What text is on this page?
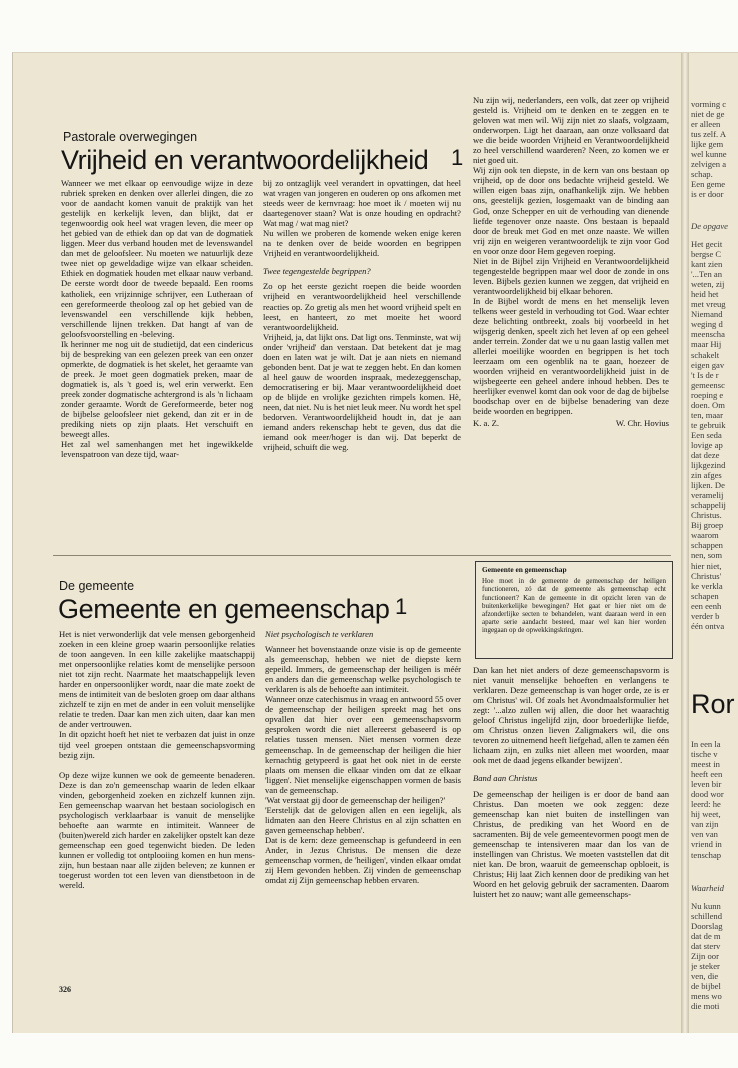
Pastorale overwegingen
Vrijheid en verantwoordelijkheid 1

Wanneer we met elkaar op eenvoudige wijze in deze rubriek spreken en denken over allerlei dingen, die zo voor de aandacht komen vanuit de praktijk van het gestelijk en kerkelijk leven, dan blijkt, dat er tegenwoordig ook heel wat vragen leven, die meer op het gebied van de ethiek dan op dat van de dogmatiek liggen. Meer dus verband houden met de levenswandel dan met de geloofsleer. Nu moeten we natuurlijk deze twee niet op geweldadige wijze van elkaar scheiden. Ethiek en dogmatiek houden met elkaar nauw verband. De eerste wordt door de tweede bepaald. Een rooms katholiek, een vrijzinnige schrijver, een Lutheraan of een gereformeerde theoloog zal op het gebied van de levenswandel een verschillende kijk hebben, verschillende lijnen trekken. Dat hangt af van de geloofsvoorstelling en -beleving.
Ik herinner me nog uit de studietijd, dat een cindericus bij de bespreking van een gelezen preek van een onzer opmerkte, de dogmatiek is het skelet, het geraamte van de preek. Je moet geen dogmatiek preken, maar de dogmatiek is, als 't goed is, wel erin verwerkt. Een preek zonder dogmatische achtergrond is als 'n lichaam zonder geraamte. Wordt de Gereformeerde, beter nog de bijbelse geloofsleer niet gekend, dan zit er in de prediking niets op zijn plaats. Het verschuift en beweegt alles.
Het zal wel samenhangen met het ingewikkelde levenspatroon van deze tijd, waar-

bij zo ontzaglijk veel verandert in opvattingen, dat heel wat vragen van jongeren en ouderen op ons afkomen met steeds weer de kernvraag: hoe moet ik / moeten wij nu daartegenover staan? Wat is onze houding en opdracht? Wat mag / wat mag niet?
Nu willen we proberen de komende weken enige keren na te denken over de beide woorden en begrippen Vrijheid en verantwoordelijkheid.

Twee tegengestelde begrippen?

Zo op het eerste gezicht roepen die beide woorden vrijheid en verantwoordelijkheid heel verschillende reacties op. Zo gretig als men het woord vrijheid spelt en leest, en hanteert, zo met moeite het woord verantwoordelijkheid.
Vrijheid, ja, dat lijkt ons. Dat ligt ons. Tenminste, wat wij onder 'vrijheid' dan verstaan. Dat betekent dat je mag doen en laten wat je wilt. Dat je aan niets en niemand gebonden bent. Dat je wat te zeggen hebt. En dan komen al heel gauw de woorden inspraak, medezeggenschap, democratisering er bij. Maar verantwoordelijkheid doet op de blijde en vrolijke gezichten rimpels komen. Hè, neen, dat niet. Nu is het niet leuk meer. Nu wordt het spel bedorven. Verantwoordelijkheid houdt in, dat je aan iemand anders rekenschap hebt te geven, dus dat die iemand ook meer/hoger is dan wij. Dat beperkt de vrijheid, schuift die weg.

Nu zijn wij, nederlanders, een volk, dat zeer op vrijheid gesteld is. Vrijheid om te denken en te zeggen en te geloven wat men wil. Wij zijn niet zo slaafs, volgzaam, onderworpen. Ligt het daaraan, aan onze volksaard dat we die beide woorden Vrijheid en Verantwoordelijkheid zo heel verschillend waarderen? Neen, zo komen we er niet goed uit.
Wij zijn ook ten diepste, in de kern van ons bestaan op vrijheid, op de door ons bedachte vrijheid gesteld. We willen eigen baas zijn, onafhankelijk zijn. We hebben ons, geestelijk gezien, losgemaakt van de binding aan God, onze Schepper en uit de verhouding van dienende liefde tegenover onze naaste. Ons bestaan is bepaald door de breuk met God en met onze naaste. We willen vrij zijn en weigeren verantwoordelijk te zijn voor God en voor onze door Hem gegeven roeping.
Niet in de Bijbel zijn Vrijheid en Verantwoordelijkheid tegengestelde begrippen maar wel door de zonde in ons leven. Bijbels gezien kunnen we zeggen, dat vrijheid en verantwoordelijkheid bij elkaar behoren.
In de Bijbel wordt de mens en het menselijk leven telkens weer gesteld in verhouding tot God. Waar echter deze belichting ontbreekt, zoals bij voorbeeld in het wijsgerig denken, speelt zich het leven af op een geheel ander terrein. Zonder dat we u nu gaan lastig vallen met allerlei moeilijke woorden en begrippen is het toch leerzaam om een ogenblik na te gaan, hoezeer de woorden vrijheid en verantwoordelijkheid juist in de wijsbegeerte een geheel andere inhoud hebben. Des te heerlijker evenwel komt dan ook voor de dag de bijbelse boodschap over en de bijbelse benadering van deze beide woorden en begrippen.

K. a. Z.	W. Chr. Hovius
Gemeente en gemeenschap
Hoe moet in de gemeente de gemeenschap der heiligen functioneren, zó dat de gemeente als gemeenschap echt functioneert? Kan de gemeente in dit opzicht leren van de buitenkerkelijke bewegingen? Het gaat er hier niet om de afzonderlijke secten te behandelen, want daaraan werd in een aparte serie aandacht besteed, maar wel kan hier worden ingegaan op de opwekkingskringen.
De gemeente
Gemeente en gemeenschap 1

Het is niet verwonderlijk dat vele mensen geborgenheid zoeken in een kleine groep waarin persoonlijke relaties de toon aangeven. In een kille zakelijke maatschappij met onpersoonlijke relaties komt de menselijke persoon niet tot zijn recht. Naarmate het maatschappelijk leven harder en onpersoonlijker wordt, naar die mate zoekt de mens de intimiteit van de besloten groep om daar althans zichzelf te zijn en met de ander in een voluit menselijke relatie te treden. Daar kan men zich uiten, daar kan men de ander vertrouwen.
In dit opzicht hoeft het niet te verbazen dat juist in onze tijd veel groepen ontstaan die gemeenschapsvorming bezig zijn.

Op deze wijze kunnen we ook de gemeente benaderen. Deze is dan zo'n gemeenschap waarin de leden elkaar vinden, geborgenheid zoeken en zichzelf kunnen zijn. Een gemeenschap waarvan het bestaan sociologisch en psychologisch verklaarbaar is vanuit de menselijke behoefte aan warmte en intimiteit. Wanneer de (buiten)wereld zich harder en zakelijker opstelt kan deze gemeenschap een goed tegenwicht bieden. De leden kunnen er volledig tot ontplooiing komen en hun mens-zijn, hun bestaan naar alle zijden beleven; ze kunnen er toegerust worden tot een leven van dienstbetoon in de wereld.

Niet psychologisch te verklaren

Wanneer het bovenstaande onze visie is op de gemeente als gemeenschap, hebben we niet de diepste kern gepeild. Immers, de gemeenschap der heiligen is méér en anders dan die gemeenschap welke psychologisch te verklaren is als de behoefte aan intimiteit.
Wanneer onze catechismus in vraag en antwoord 55 over de gemeenschap der heiligen spreekt mag het ons opvallen dat hier over een gemeenschapsvorm gesproken wordt die niet allereerst gebaseerd is op relaties tussen mensen. Niet mensen vormen deze gemeenschap. In de gemeenschap der heiligen die hier kernachtig getypeerd is gaat het ook niet in de eerste plaats om mensen die elkaar vinden om dat ze elkaar 'liggen'. Niet menselijke eigenschappen vormen de basis van de gemeenschap.
'Wat verstaat gij door de gemeenschap der heiligen?'
'Eerstelijk dat de gelovigen allen en een iegelijk, als lidmaten aan den Heere Christus en al zijn schatten en gaven gemeenschap hebben'.
Dat is de kern: deze gemeenschap is gefundeerd in een Ander, in Jezus Christus. De mensen die deze gemeenschap vormen, de 'heiligen', vinden elkaar omdat zij Hem gevonden hebben. Zij vinden de gemeenschap omdat zij Zijn gemeenschap hebben ervaren.

Dan kan het niet anders of deze gemeenschapsvorm is niet vanuit menselijke behoeften en verlangens te verklaren. Deze gemeenschap is van hoger orde, ze is er om Christus' wil. Of zoals het Avondmaalsformulier het zegt: '...alzo zullen wij allen, die door het waarachtig geloof Christus ingelijfd zijn, door broederlijke liefde, om Christus onzen lieven Zaligmakers wil, die ons tevoren zo uitnemend heeft liefgehad, allen te zamen één lichaam zijn, en zulks niet alleen met woorden, maar ook met de daad jegens elkander bewijzen'.

Band aan Christus

De gemeenschap der heiligen is er door de band aan Christus. Dan moeten we ook zeggen: deze gemeenschap kan niet buiten de instellingen van Christus, de prediking van het Woord en de sacramenten. Bij de vele gemeentevormen poogt men de gemeenschap te intensiveren maar dan los van de instellingen van Christus. We moeten vaststellen dat dit niet kan. De bron, waaruit de gemeenschap opbloeit, is Christus; Hij laat Zich kennen door de prediking van het Woord en het gelovig gebruik der sacramenten. Daarom luistert het zo nauw; want alle gemeenschaps-

326
vorming c
niet de ge
er alleen
tus zelf. A
lijke gem
wel kunne
zelvigen a
schap.
Een geme
is er door
De opgave
Het gecit
bergse C
kant zien
'...Ten an
weten, zij
heid het
met vreug
Niemand
weging d
meenscha
maar Hij
schakelt
eigen gav
't Is de r
gemeensc
roeping e
doen. Om
ten, maar
te gebruik
Een seda
lovige ap
dat deze
lijkgezind
zin afges
lijken. De
veramelij
schappelij
Christus.
Bij groep
waarom
schappen
nen, som
hier niet,
Christus'
ke verkla
schapen
een eenh
verder b
één ontva
Ror
In een la
tische v
meest in
heeft een
leven bir
dood wor
leerd: he
hij weet,
van zijn
ven van
vriend in
tenschap
Waarheid
Nu kunn
schillend
Doorslag
dat de m
dat sterv
Zijn oor
je steker
ven, die
de bijbel
mens wo
die moti
